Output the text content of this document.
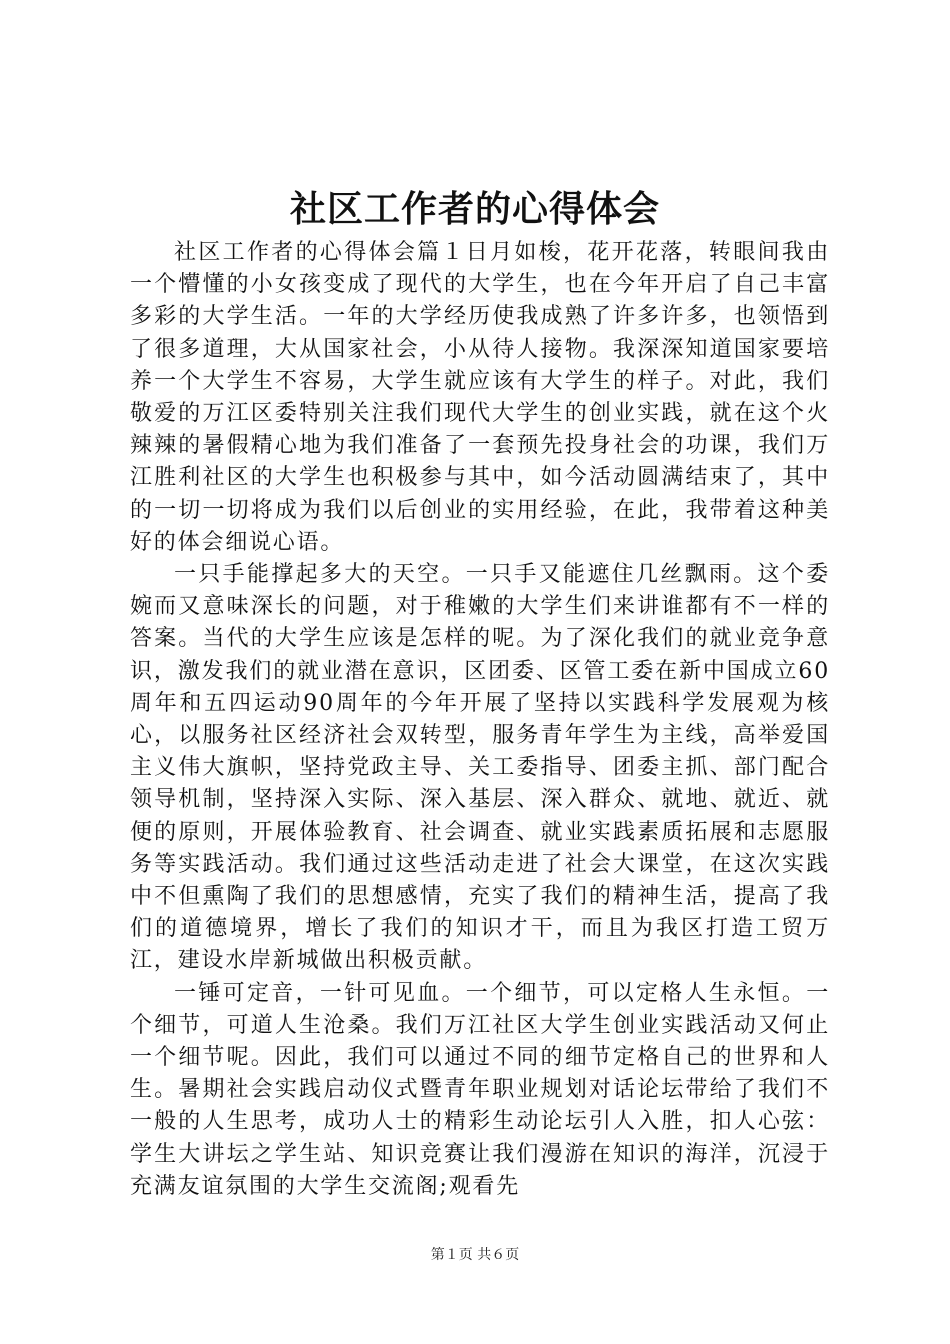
社区工作者的心得体会

社区工作者的心得体会篇１日月如梭，花开花落，转眼间我由一个懵懂的小女孩变成了现代的大学生，也在今年开启了自己丰富多彩的大学生活。一年的大学经历使我成熟了许多许多，也领悟到了很多道理，大从国家社会，小从待人接物。我深深知道国家要培养一个大学生不容易，大学生就应该有大学生的样子。对此，我们敬爱的万江区委特别关注我们现代大学生的创业实践，就在这个火辣辣的暑假精心地为我们准备了一套预先投身社会的功课，我们万江胜利社区的大学生也积极参与其中，如今活动圆满结束了，其中的一切一切将成为我们以后创业的实用经验，在此，我带着这种美好的体会细说心语。

一只手能撑起多大的天空。一只手又能遮住几丝飘雨。这个委婉而又意味深长的问题，对于稚嫩的大学生们来讲谁都有不一样的答案。当代的大学生应该是怎样的呢。为了深化我们的就业竞争意识，激发我们的就业潜在意识，区团委、区管工委在新中国成立60周年和五四运动90周年的今年开展了坚持以实践科学发展观为核心，以服务社区经济社会双转型，服务青年学生为主线，高举爱国主义伟大旗帜，坚持党政主导、关工委指导、团委主抓、部门配合领导机制，坚持深入实际、深入基层、深入群众、就地、就近、就便的原则，开展体验教育、社会调查、就业实践素质拓展和志愿服务等实践活动。我们通过这些活动走进了社会大课堂，在这次实践中不但熏陶了我们的思想感情，充实了我们的精神生活，提高了我们的道德境界，增长了我们的知识才干，而且为我区打造工贸万江，建设水岸新城做出积极贡献。

一锤可定音，一针可见血。一个细节，可以定格人生永恒。一个细节，可道人生沧桑。我们万江社区大学生创业实践活动又何止一个细节呢。因此，我们可以通过不同的细节定格自己的世界和人生。暑期社会实践启动仪式暨青年职业规划对话论坛带给了我们不一般的人生思考，成功人士的精彩生动论坛引人入胜，扣人心弦：学生大讲坛之学生站、知识竞赛让我们漫游在知识的海洋，沉浸于充满友谊氛围的大学生交流阁;观看先

第１页 共６页
